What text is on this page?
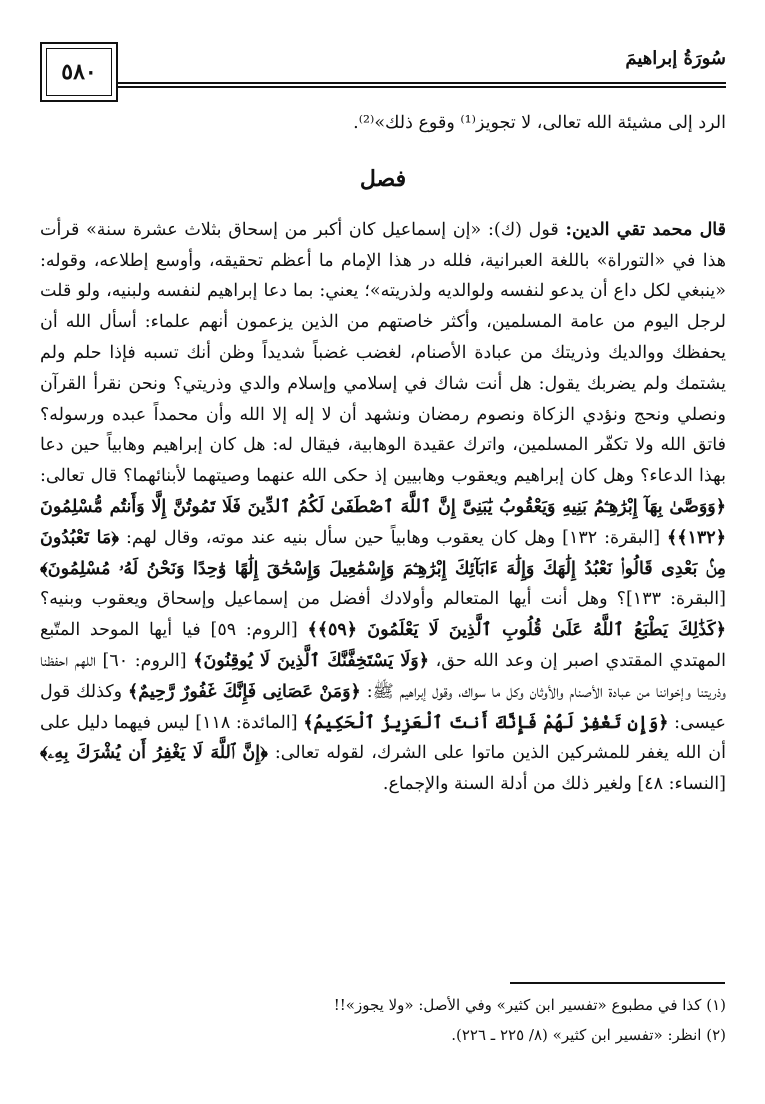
٥٨٠
سُورَةُ إبراهيمَ

الرد إلى مشيئة الله تعالى، لا تجويز⁽¹⁾ وقوع ذلك»⁽²⁾.

فصل

قال محمد تقي الدين: قول (ك): «إن إسماعيل كان أكبر من إسحاق بثلاث عشرة سنة» قرأت هذا في «التوراة» باللغة العبرانية، فلله در هذا الإمام ما أعظم تحقيقه، وأوسع إطلاعه، وقوله: «ينبغي لكل داع أن يدعو لنفسه ولوالديه ولذريته»؛ يعني: بما دعا إبراهيم لنفسه ولبنيه، ولو قلت لرجل اليوم من عامة المسلمين، وأكثر خاصتهم من الذين يزعمون أنهم علماء: أسأل الله أن يحفظك ووالديك وذريتك من عبادة الأصنام، لغضب غضباً شديداً وظن أنك تسبه فإذا حلم ولم يشتمك ولم يضربك يقول: هل أنت شاك في إسلامي وإسلام والدي وذريتي؟ ونحن نقرأ القرآن ونصلي ونحج ونؤدي الزكاة ونصوم رمضان ونشهد أن لا إله إلا الله وأن محمداً عبده ورسوله؟ فاتق الله ولا تكفّر المسلمين، واترك عقيدة الوهابية، فيقال له: هل كان إبراهيم وهابياً حين دعا بهذا الدعاء؟ وهل كان إبراهيم ويعقوب وهابيين إذ حكى الله عنهما وصيتهما لأبنائهما؟ قال تعالى: ﴿وَوَصَّىٰ بِهَآ إِبْرَٰهِـۧمُ بَنِيهِ وَيَعْقُوبُ يَٰبَنِىَّ إِنَّ ٱللَّهَ ٱصْطَفَىٰ لَكُمُ ٱلدِّينَ فَلَا تَمُوتُنَّ إِلَّا وَأَنتُم مُّسْلِمُونَ ﴿١٣٢﴾﴾ [البقرة: ١٣٢] وهل كان يعقوب وهابياً حين سأل بنيه عند موته، وقال لهم: ﴿مَا تَعْبُدُونَ مِنۢ بَعْدِى قَالُوا۟ نَعْبُدُ إِلَٰهَكَ وَإِلَٰهَ ءَابَآئِكَ إِبْرَٰهِـۧمَ وَإِسْمَٰعِيلَ وَإِسْحَٰقَ إِلَٰهًا وَٰحِدًا وَنَحْنُ لَهُۥ مُسْلِمُونَ﴾ [البقرة: ١٣٣]؟ وهل أنت أيها المتعالم وأولادك أفضل من إسماعيل وإسحاق ويعقوب وبنيه؟ ﴿كَذَٰلِكَ يَطْبَعُ ٱللَّهُ عَلَىٰ قُلُوبِ ٱلَّذِينَ لَا يَعْلَمُونَ ﴿٥٩﴾﴾ [الروم: ٥٩] فيا أيها الموحد المتّبع المهتدي المقتدي اصبر إن وعد الله حق، ﴿وَلَا يَسْتَخِفَّنَّكَ ٱلَّذِينَ لَا يُوقِنُونَ﴾ [الروم: ٦٠] اللهم احفظنا وذريتنا وإخواننا من عبادة الأصنام والأوثان وكل ما سواك، وقول إبراهيم ﷺ: ﴿وَمَنْ عَصَانِى فَإِنَّكَ غَفُورٌ رَّحِيمٌ﴾ وكذلك قول عيسى: ﴿وَإِن تَغْفِرْ لَهُمْ فَإِنَّكَ أَنتَ ٱلْعَزِيزُ ٱلْحَكِيمُ﴾ [المائدة: ١١٨] ليس فيهما دليل على أن الله يغفر للمشركين الذين ماتوا على الشرك، لقوله تعالى: ﴿إِنَّ ٱللَّهَ لَا يَغْفِرُ أَن يُشْرَكَ بِهِۦ﴾ [النساء: ٤٨] ولغير ذلك من أدلة السنة والإجماع.

(١) كذا في مطبوع «تفسير ابن كثير» وفي الأصل: «ولا يجوز»!!

(٢) انظر: «تفسير ابن كثير» (٨/ ٢٢٥ ـ ٢٢٦).
